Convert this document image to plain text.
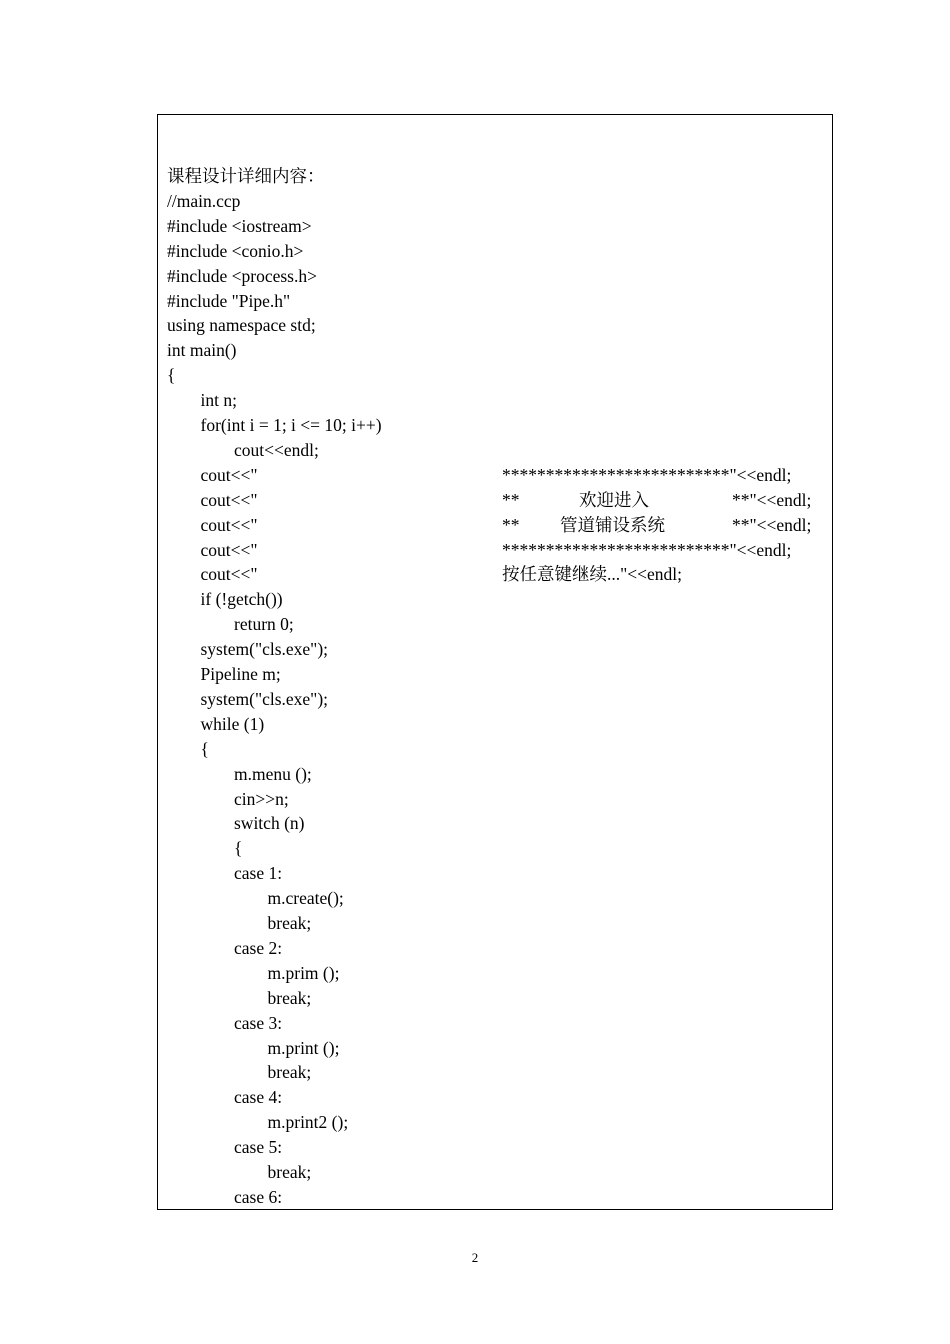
课程设计详细内容：
//main.ccp
#include <iostream>
#include <conio.h>
#include <process.h>
#include "Pipe.h"
using namespace std;
int main()
{
int n;
for(int i = 1; i <= 10; i++)
cout<<endl;
cout<<"	**************************"<<endl;
cout<<"	**	欢迎进入	**"<<endl;
cout<<"	** 管道铺设系统	**"<<endl;
cout<<"	**************************"<<endl;
cout<<"	按任意键继续..."<<endl;
if (!getch())
return 0;
system("cls.exe");
Pipeline m;
system("cls.exe");
while (1)
{
m.menu ();
cin>>n;
switch (n)
{
case 1:
m.create();
break;
case 2:
m.prim ();
break;
case 3:
m.print ();
break;
case 4:
m.print2 ();
case 5:
break;
case 6:
2
